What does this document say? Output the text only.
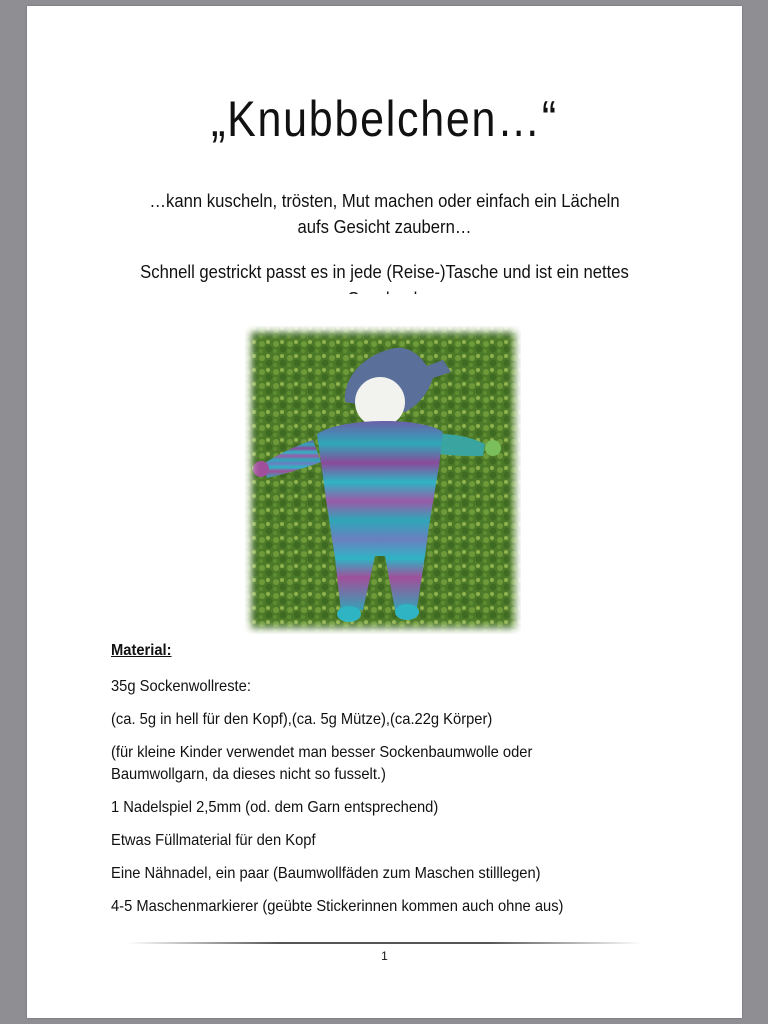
„Knubbelchen…“
…kann kuscheln, trösten, Mut machen oder einfach ein Lächeln
aufs Gesicht zaubern…
Schnell gestrickt passt es in jede (Reise-)Tasche und ist ein nettes
Material:

35g Sockenwollreste:

(ca. 5g in hell für den Kopf),(ca. 5g Mütze),(ca.22g Körper)

(für kleine Kinder verwendet man besser Sockenbaumwolle oder
Baumwollgarn, da dieses nicht so fusselt.)

1 Nadelspiel 2,5mm (od. dem Garn entsprechend)

Etwas Füllmaterial für den Kopf

Eine Nähnadel, ein paar (Baumwollfäden zum Maschen stilllegen)

4-5 Maschenmarkierer (geübte Stickerinnen kommen auch ohne aus)

1
